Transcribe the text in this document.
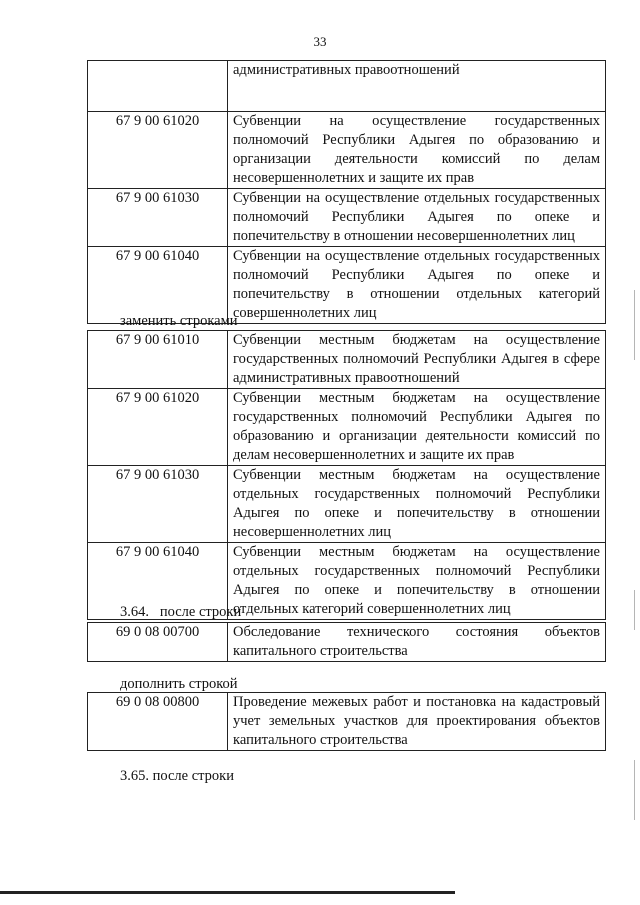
33
	административных правоотношений
67 9 00 61020	Субвенции на осуществление государственных полномочий Республики Адыгея по образованию и организации деятельности комиссий по делам несовершеннолетних и защите их прав
67 9 00 61030	Субвенции на осуществление отдельных государственных полномочий Республики Адыгея по опеке и попечительству в отношении несовершеннолетних лиц
67 9 00 61040	Субвенции на осуществление отдельных государственных полномочий Республики Адыгея по опеке и попечительству в отношении отдельных категорий совершеннолетних лиц
заменить строками
67 9 00 61010	Субвенции местным бюджетам на осуществление государственных полномочий Республики Адыгея в сфере административных правоотношений
67 9 00 61020	Субвенции местным бюджетам на осуществление государственных полномочий Республики Адыгея по образованию и организации деятельности комиссий по делам несовершеннолетних и защите их прав
67 9 00 61030	Субвенции местным бюджетам на осуществление отдельных государственных полномочий Республики Адыгея по опеке и попечительству в отношении несовершеннолетних лиц
67 9 00 61040	Субвенции местным бюджетам на осуществление отдельных государственных полномочий Республики Адыгея по опеке и попечительству в отношении отдельных категорий совершеннолетних лиц
3.64.   после строки
69 0 08 00700	Обследование технического состояния объектов капитального строительства
дополнить строкой
69 0 08 00800	Проведение межевых работ и постановка на кадастровый учет земельных участков для проектирования объектов капитального строительства
3.65. после строки
